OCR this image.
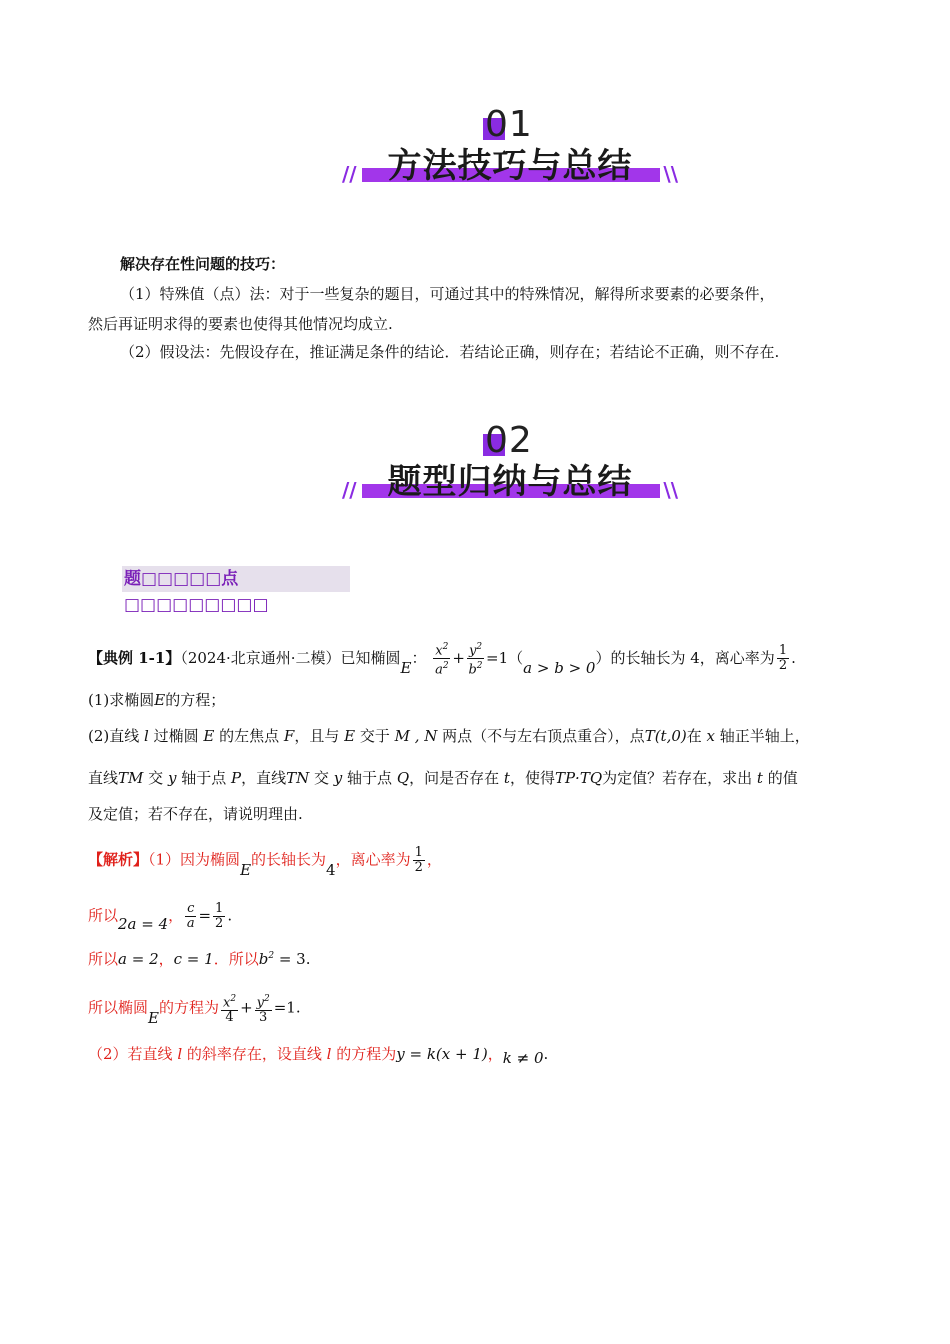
01
// 方法技巧与总结	\\
解决存在性问题的技巧：
（1）特殊值（点）法：对于一些复杂的题目，可通过其中的特殊情况，解得所求要素的必要条件，
然后再证明求得的要素也使得其他情况均成立.
（2）假设法：先假设存在，推证满足条件的结论．若结论正确，则存在；若结论不正确，则不存在.
02
// 题型归纳与总结	\\
题□□□□□点□□□□□□□□□
【典例 1-1】（2024·北京通州·二模）已知椭圆E： $\frac{x^2}{a^2} + \frac{y^2}{b^2} =1(a > b > 0)$的长轴长为 4，离心率为 $\frac{1}{2}$ .
(1)求椭圆E的方程；
(2)直线 l 过椭圆 E 的左焦点 F，且与 E 交于 M , N 两点（不与左右顶点重合），点T(t,0)在 x 轴正半轴上，
直线TM 交 y 轴于点 P，直线TN 交 y 轴于点 Q，问是否存在 t，使得TP·TQ为定值？若存在，求出 t 的值
及定值；若不存在，请说明理由.
【解析】（1）因为椭圆E的长轴长为4，离心率为 $\frac{1}{2}$ ，
所以2a = 4， $\frac{c}{a} = \frac{1}{2}$ .
所以a = 2，c = 1．所以$b^2 = 3$.
所以椭圆E的方程为 $\frac{x^2}{4} + \frac{y^2}{3} =1$.
（2）若直线 l 的斜率存在，设直线 l 的方程为y = k(x + 1)，k ≠ 0.
